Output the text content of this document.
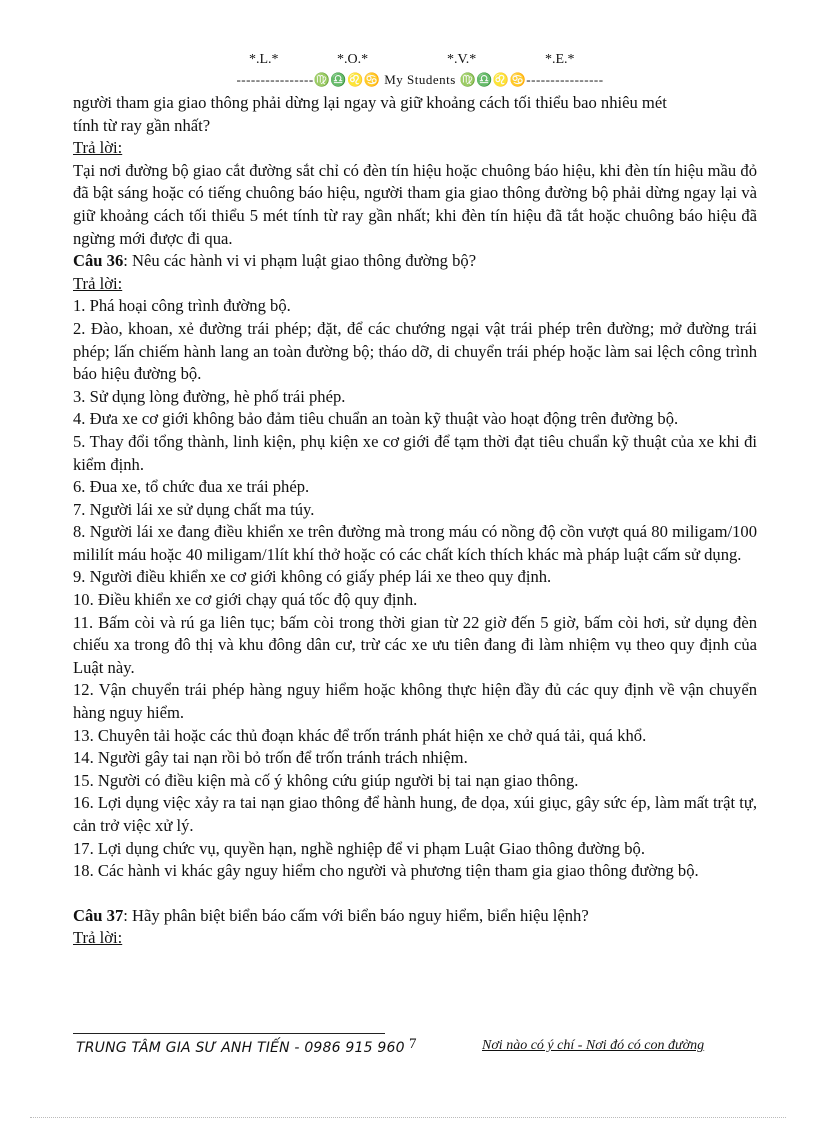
*.L.*	*.O.*	*.V.*	*.E.*
----------------♍♎♌♋ My Students ♍♎♌♋----------------

người tham gia giao thông phải dừng lại ngay và giữ khoảng cách tối thiểu bao nhiêu mét
tính từ ray gần nhất?

Trả lời:

Tại nơi đường bộ giao cắt đường sắt chỉ có đèn tín hiệu hoặc chuông báo hiệu, khi đèn tín hiệu mầu đỏ đã bật sáng hoặc có tiếng chuông báo hiệu, người tham gia giao thông đường bộ phải dừng ngay lại và giữ khoảng cách tối thiểu 5 mét tính từ ray gần nhất; khi đèn tín hiệu đã tắt hoặc chuông báo hiệu đã ngừng mới được đi qua.

Câu 36: Nêu các hành vi vi phạm luật giao thông đường bộ?

Trả lời:

1. Phá hoại công trình đường bộ.

2. Đào, khoan, xẻ đường trái phép; đặt, để các chướng ngại vật trái phép trên đường; mở đường trái phép; lấn chiếm hành lang an toàn đường bộ; tháo dỡ, di chuyển trái phép hoặc làm sai lệch công trình báo hiệu đường bộ.

3. Sử dụng lòng đường, hè phố trái phép.

4. Đưa xe cơ giới không bảo đảm tiêu chuẩn an toàn kỹ thuật vào hoạt động trên đường bộ.

5. Thay đổi tổng thành, linh kiện, phụ kiện xe cơ giới để tạm thời đạt tiêu chuẩn kỹ thuật của xe khi đi kiểm định.

6. Đua xe, tổ chức đua xe trái phép.

7. Người lái xe sử dụng chất ma túy.

8. Người lái xe đang điều khiển xe trên đường mà trong máu có nồng độ cồn vượt quá 80 miligam/100 mililít máu hoặc 40 miligam/1lít khí thở hoặc có các chất kích thích khác mà pháp luật cấm sử dụng.

9. Người điều khiển xe cơ giới không có giấy phép lái xe theo quy định.

10. Điều khiển xe cơ giới chạy quá tốc độ quy định.

11. Bấm còi và rú ga liên tục; bấm còi trong thời gian từ 22 giờ đến 5 giờ, bấm còi hơi, sử dụng đèn chiếu xa trong đô thị và khu đông dân cư, trừ các xe ưu tiên đang đi làm nhiệm vụ theo quy định của Luật này.

12. Vận chuyển trái phép hàng nguy hiểm hoặc không thực hiện đầy đủ các quy định về vận chuyển hàng nguy hiểm.

13. Chuyên tải hoặc các thủ đoạn khác để trốn tránh phát hiện xe chở quá tải, quá khổ.

14. Người gây tai nạn rồi bỏ trốn để trốn tránh trách nhiệm.

15. Người có điều kiện mà cố ý không cứu giúp người bị tai nạn giao thông.

16. Lợi dụng việc xảy ra tai nạn giao thông để hành hung, đe dọa, xúi giục, gây sức ép, làm mất trật tự, cản trở việc xử lý.

17. Lợi dụng chức vụ, quyền hạn, nghề nghiệp để vi phạm Luật Giao thông đường bộ.

18. Các hành vi khác gây nguy hiểm cho người và phương tiện tham gia giao thông đường bộ.

Câu 37: Hãy phân biệt biển báo cấm với biển báo nguy hiểm, biển hiệu lệnh?

Trả lời:

TRUNG TÂM GIA SƯ ANH TIẾN - 0986 915 960 7	Nơi nào có ý chí - Nơi đó có con đường
